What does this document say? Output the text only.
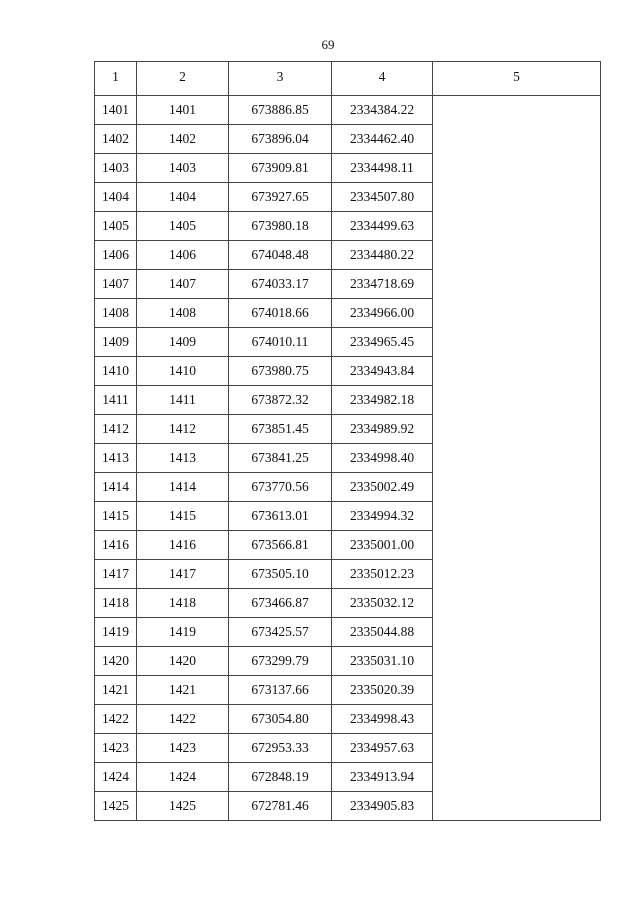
69
1	2	3	4	5
1401	1401	673886.85	2334384.22	
1402	1402	673896.04	2334462.40	
1403	1403	673909.81	2334498.11	
1404	1404	673927.65	2334507.80	
1405	1405	673980.18	2334499.63	
1406	1406	674048.48	2334480.22	
1407	1407	674033.17	2334718.69	
1408	1408	674018.66	2334966.00	
1409	1409	674010.11	2334965.45	
1410	1410	673980.75	2334943.84	
1411	1411	673872.32	2334982.18	
1412	1412	673851.45	2334989.92	
1413	1413	673841.25	2334998.40	
1414	1414	673770.56	2335002.49	
1415	1415	673613.01	2334994.32	
1416	1416	673566.81	2335001.00	
1417	1417	673505.10	2335012.23	
1418	1418	673466.87	2335032.12	
1419	1419	673425.57	2335044.88	
1420	1420	673299.79	2335031.10	
1421	1421	673137.66	2335020.39	
1422	1422	673054.80	2334998.43	
1423	1423	672953.33	2334957.63	
1424	1424	672848.19	2334913.94	
1425	1425	672781.46	2334905.83	
